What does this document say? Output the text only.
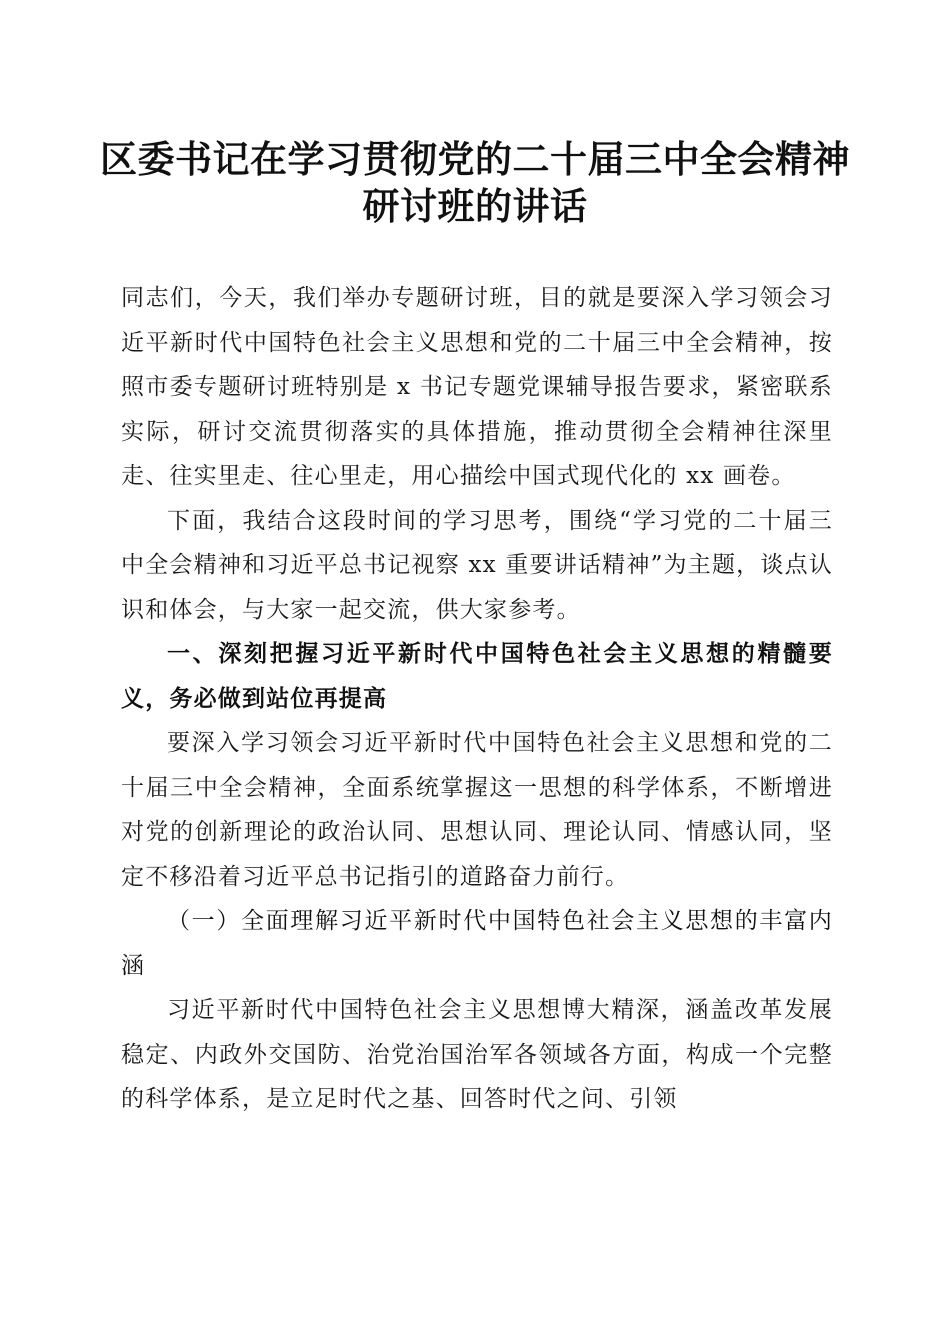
区委书记在学习贯彻党的二十届三中全会精神
研讨班的讲话

同志们，今天，我们举办专题研讨班，目的就是要深入学习领会习近平新时代中国特色社会主义思想和党的二十届三中全会精神，按照市委专题研讨班特别是 x 书记专题党课辅导报告要求，紧密联系实际，研讨交流贯彻落实的具体措施，推动贯彻全会精神往深里走、往实里走、往心里走，用心描绘中国式现代化的 xx 画卷。

下面，我结合这段时间的学习思考，围绕“学习党的二十届三中全会精神和习近平总书记视察 xx 重要讲话精神”为主题，谈点认识和体会，与大家一起交流，供大家参考。

一、深刻把握习近平新时代中国特色社会主义思想的精髓要义，务必做到站位再提高

要深入学习领会习近平新时代中国特色社会主义思想和党的二十届三中全会精神，全面系统掌握这一思想的科学体系，不断增进对党的创新理论的政治认同、思想认同、理论认同、情感认同，坚定不移沿着习近平总书记指引的道路奋力前行。

（一）全面理解习近平新时代中国特色社会主义思想的丰富内涵

习近平新时代中国特色社会主义思想博大精深，涵盖改革发展稳定、内政外交国防、治党治国治军各领域各方面，构成一个完整的科学体系，是立足时代之基、回答时代之问、引领
